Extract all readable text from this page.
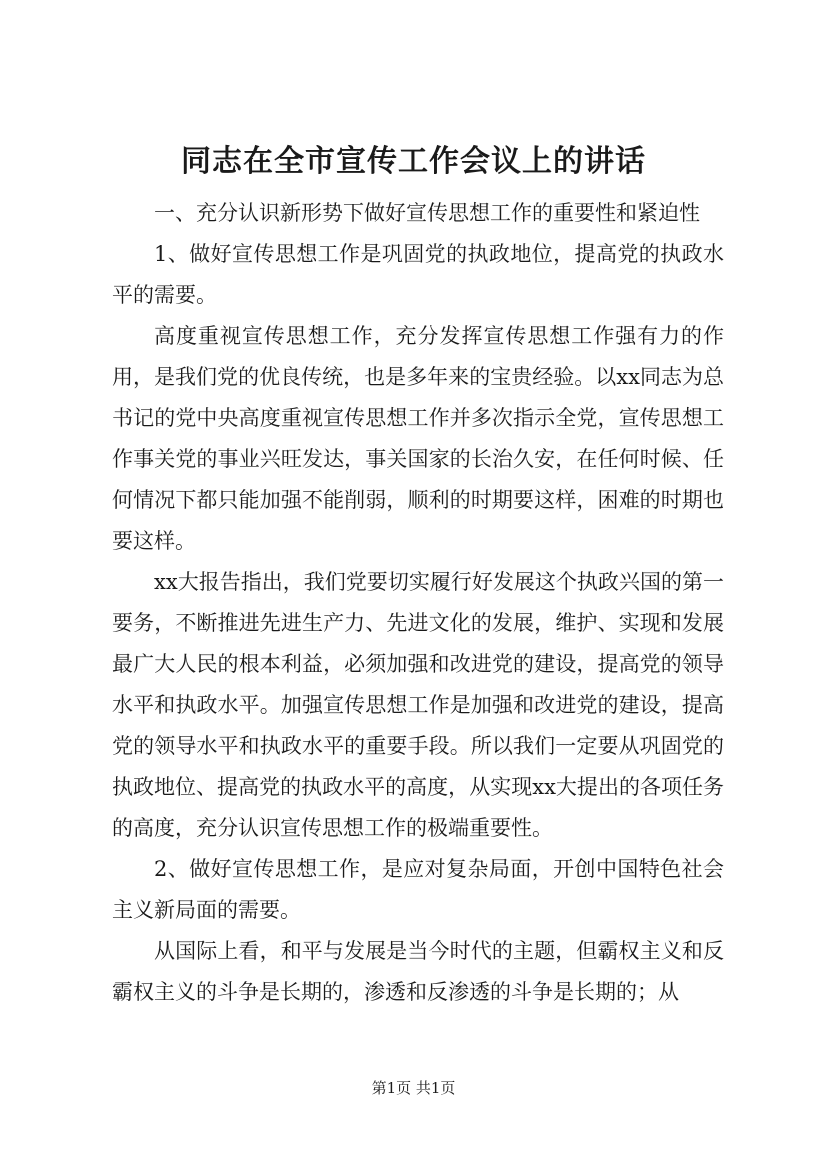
同志在全市宣传工作会议上的讲话

一、充分认识新形势下做好宣传思想工作的重要性和紧迫性

1、做好宣传思想工作是巩固党的执政地位，提高党的执政水平的需要。

高度重视宣传思想工作，充分发挥宣传思想工作强有力的作用，是我们党的优良传统，也是多年来的宝贵经验。以xx同志为总书记的党中央高度重视宣传思想工作并多次指示全党，宣传思想工作事关党的事业兴旺发达，事关国家的长治久安，在任何时候、任何情况下都只能加强不能削弱，顺利的时期要这样，困难的时期也要这样。

xx大报告指出，我们党要切实履行好发展这个执政兴国的第一要务，不断推进先进生产力、先进文化的发展，维护、实现和发展最广大人民的根本利益，必须加强和改进党的建设，提高党的领导水平和执政水平。加强宣传思想工作是加强和改进党的建设，提高党的领导水平和执政水平的重要手段。所以我们一定要从巩固党的执政地位、提高党的执政水平的高度，从实现xx大提出的各项任务的高度，充分认识宣传思想工作的极端重要性。

2、做好宣传思想工作，是应对复杂局面，开创中国特色社会主义新局面的需要。

从国际上看，和平与发展是当今时代的主题，但霸权主义和反霸权主义的斗争是长期的，渗透和反渗透的斗争是长期的；从

第1页 共1页
